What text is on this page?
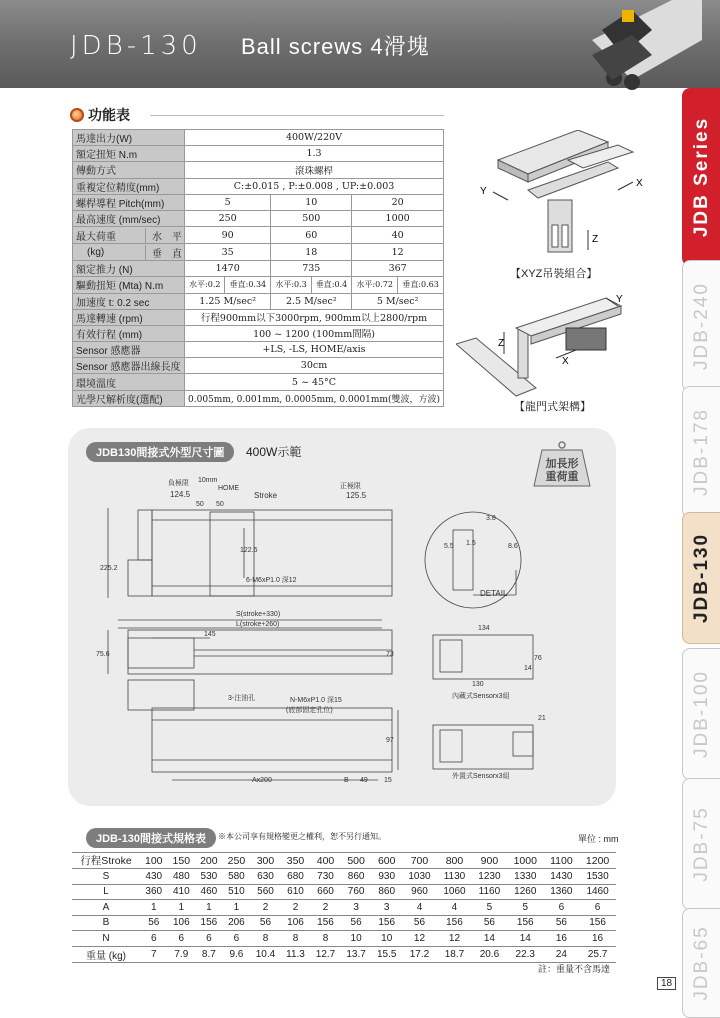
JDB-130 Ball screws 4滑塊
JDB Series
JDB-240
JDB-178
JDB-130
JDB-100
JDB-75
JDB-65
功能表
馬達出力(W)	400W/220V					
額定扭矩 N.m	1.3					
傳動方式	滾珠螺桿					
重複定位精度(mm)	C:±0.015 , P:±0.008 , UP:±0.003					
螺桿導程 Pitch(mm)	5		10		20	
最高速度 (mm/sec)	250		500		1000	

最大荷重 水　平	90		60		40	

(kg) 垂　直	35		18		12	
額定推力 (N)	1470		735		367	
驅動扭矩 (Mta) N.m	水平:0.2	垂直:0.34	水平:0.3	垂直:0.4	水平:0.72	垂直:0.63
加速度 t: 0.2 sec	1.25 M/sec²		2.5 M/sec²		5 M/sec²	
馬達轉速 (rpm)	行程900mm以下3000rpm, 900mm以上2800/rpm					
有效行程 (mm)	100 ~ 1200 (100mm間隔)					
Sensor 感應器	+LS, -LS, HOME/axis					
Sensor 感應器出線長度	30cm					
環境溫度	5 ~ 45°C					
光學尺解析度(選配)	0.005mm, 0.001mm, 0.0005mm, 0.0001mm(雙波，方波)					
X
Y
Z
【XYZ吊裝組合】
Z
X
Y
【龍門式架構】
JDB130間接式外型尺寸圖	400W示範
加長形
重荷重
負極限 10mm
HOME	正極限
124.5
50 50
Stroke	125.5
122.5
225.2
6-M6xP1.0 深12
S(stroke+330)
L(stroke+260)
145
75.6	73
3-注油孔	N-M6xP1.0 深15
(底部固定孔位)
97
Ax200	B 49 15
DETAIL
3.8
1.5
5.5	8.6
134
76
14
130
內藏式Sensorx3組
21
外置式Sensorx3組
JDB-130間接式規格表	※本公司享有規格變更之權利，恕不另行通知。	單位 : mm
行程Stroke	100	150	200	250	300	350	400	500	600	700	800	900	1000	1100	1200
S	430	480	530	580	630	680	730	860	930	1030	1130	1230	1330	1430	1530
L	360	410	460	510	560	610	660	760	860	960	1060	1160	1260	1360	1460
A	1	1	1	1	2	2	2	3	3	4	4	5	5	6	6
B	56	106	156	206	56	106	156	56	156	56	156	56	156	56	156
N	6	6	6	6	8	8	8	10	10	12	12	14	14	16	16
重量 (kg)	7	7.9	8.7	9.6	10.4	11.3	12.7	13.7	15.5	17.2	18.7	20.6	22.3	24	25.7
註：重量不含馬達
18
